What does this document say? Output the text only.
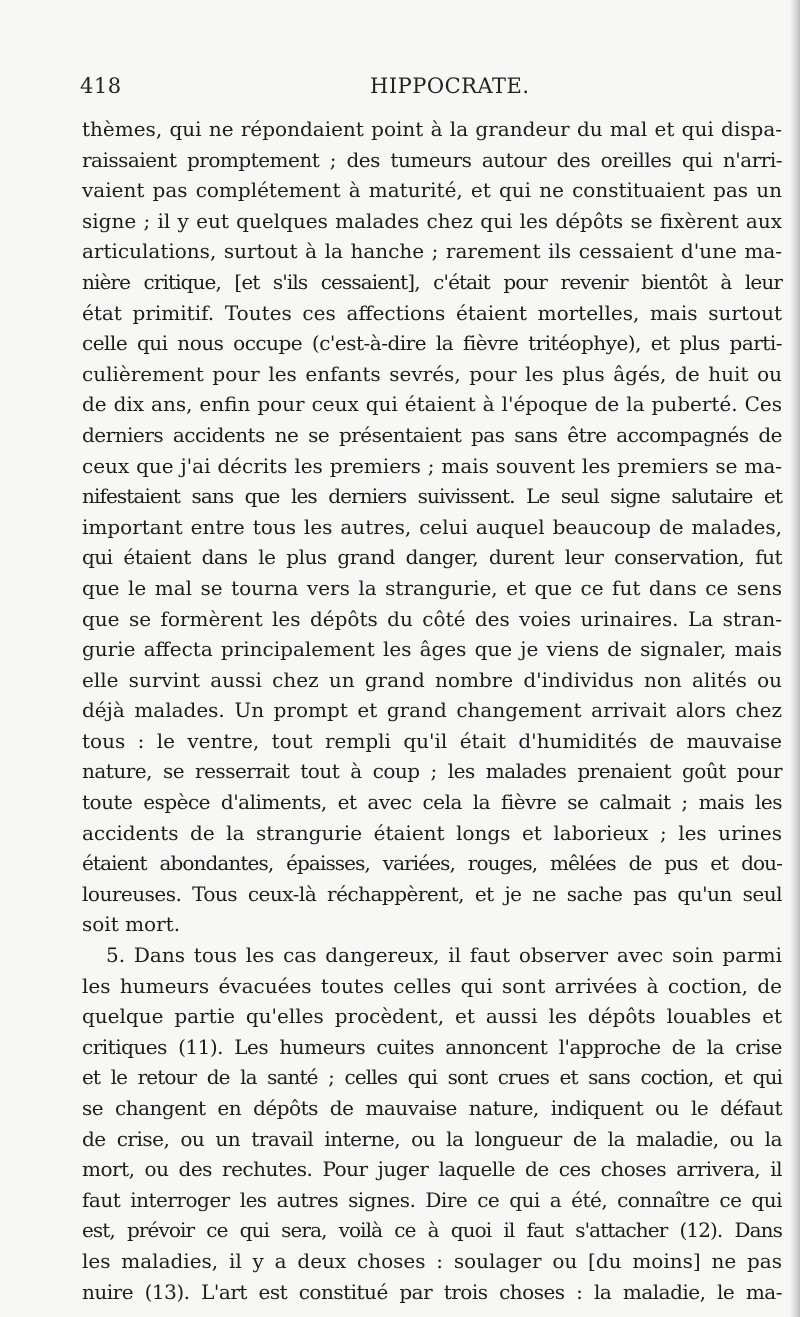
418	HIPPOCRATE.
thèmes, qui ne répondaient point à la grandeur du mal et qui dispa-
raissaient promptement ; des tumeurs autour des oreilles qui n'arri-
vaient pas complétement à maturité, et qui ne constituaient pas un
signe ; il y eut quelques malades chez qui les dépôts se fixèrent aux
articulations, surtout à la hanche ; rarement ils cessaient d'une ma-
nière critique, [et s'ils cessaient], c'était pour revenir bientôt à leur
état primitif. Toutes ces affections étaient mortelles, mais surtout
celle qui nous occupe (c'est-à-dire la fièvre tritéophye), et plus parti-
culièrement pour les enfants sevrés, pour les plus âgés, de huit ou
de dix ans, enfin pour ceux qui étaient à l'époque de la puberté. Ces
derniers accidents ne se présentaient pas sans être accompagnés de
ceux que j'ai décrits les premiers ; mais souvent les premiers se ma-
nifestaient sans que les derniers suivissent. Le seul signe salutaire et
important entre tous les autres, celui auquel beaucoup de malades,
qui étaient dans le plus grand danger, durent leur conservation, fut
que le mal se tourna vers la strangurie, et que ce fut dans ce sens
que se formèrent les dépôts du côté des voies urinaires. La stran-
gurie affecta principalement les âges que je viens de signaler, mais
elle survint aussi chez un grand nombre d'individus non alités ou
déjà malades. Un prompt et grand changement arrivait alors chez
tous : le ventre, tout rempli qu'il était d'humidités de mauvaise
nature, se resserrait tout à coup ; les malades prenaient goût pour
toute espèce d'aliments, et avec cela la fièvre se calmait ; mais les
accidents de la strangurie étaient longs et laborieux ; les urines
étaient abondantes, épaisses, variées, rouges, mêlées de pus et dou-
loureuses. Tous ceux-là réchappèrent, et je ne sache pas qu'un seul
soit mort.
5. Dans tous les cas dangereux, il faut observer avec soin parmi
les humeurs évacuées toutes celles qui sont arrivées à coction, de
quelque partie qu'elles procèdent, et aussi les dépôts louables et
critiques (11). Les humeurs cuites annoncent l'approche de la crise
et le retour de la santé ; celles qui sont crues et sans coction, et qui
se changent en dépôts de mauvaise nature, indiquent ou le défaut
de crise, ou un travail interne, ou la longueur de la maladie, ou la
mort, ou des rechutes. Pour juger laquelle de ces choses arrivera, il
faut interroger les autres signes. Dire ce qui a été, connaître ce qui
est, prévoir ce qui sera, voilà ce à quoi il faut s'attacher (12). Dans
les maladies, il y a deux choses : soulager ou [du moins] ne pas
nuire (13). L'art est constitué par trois choses : la maladie, le ma-
